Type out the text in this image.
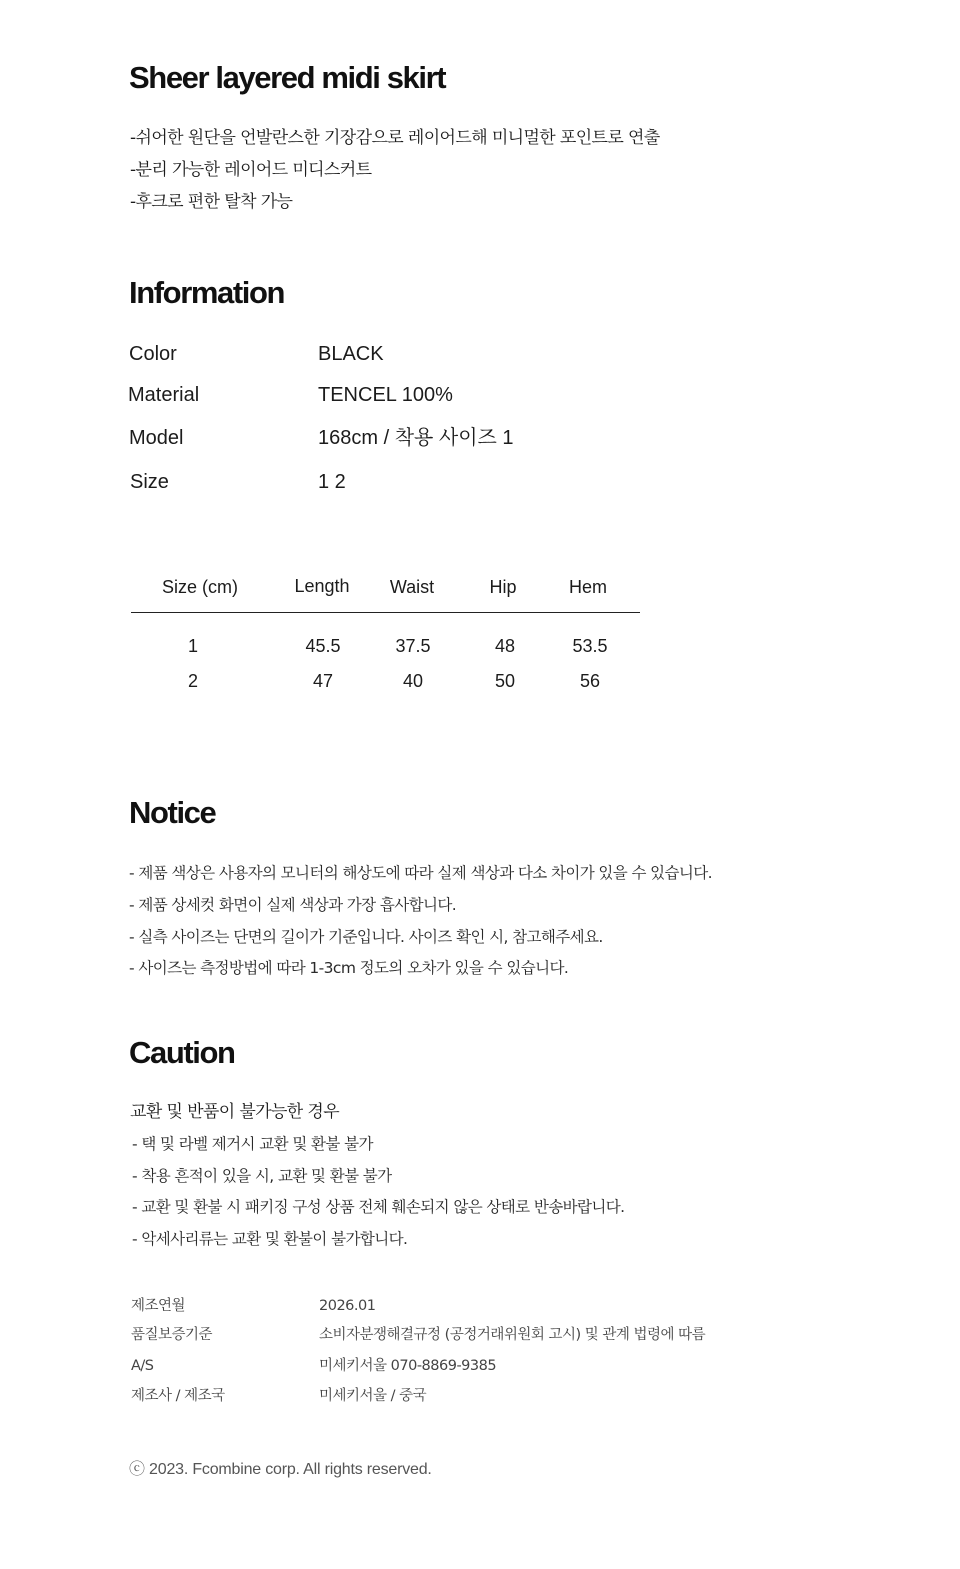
Sheer layered midi skirt
-쉬어한 원단을 언발란스한 기장감으로 레이어드해 미니멀한 포인트로 연출
-분리 가능한 레이어드 미디스커트
-후크로 편한 탈착 가능
Information
Color	BLACK
Material	TENCEL 100%
Model	168cm / 착용 사이즈 1
Size	1 2
Size (cm)	Length	Waist	Hip	Hem
1	45.5	37.5	48	53.5
2	47	40	50	56
Notice
- 제품 색상은 사용자의 모니터의 해상도에 따라 실제 색상과 다소 차이가 있을 수 있습니다.
- 제품 상세컷 화면이 실제 색상과 가장 흡사합니다.
- 실측 사이즈는 단면의 길이가 기준입니다. 사이즈 확인 시, 참고해주세요.
- 사이즈는 측정방법에 따라 1-3cm 정도의 오차가 있을 수 있습니다.
Caution
교환 및 반품이 불가능한 경우
- 택 및 라벨 제거시 교환 및 환불 불가
- 착용 흔적이 있을 시, 교환 및 환불 불가
- 교환 및 환불 시 패키징 구성 상품 전체 훼손되지 않은 상태로 반송바랍니다.
- 악세사리류는 교환 및 환불이 불가합니다.
제조연월	2026.01
품질보증기준	소비자분쟁해결규정 (공정거래위원회 고시) 및 관계 법령에 따름
A/S	미세키서울 070-8869-9385
제조사 / 제조국	미세키서울 / 중국
ⓒ 2023. Fcombine corp. All rights reserved.
